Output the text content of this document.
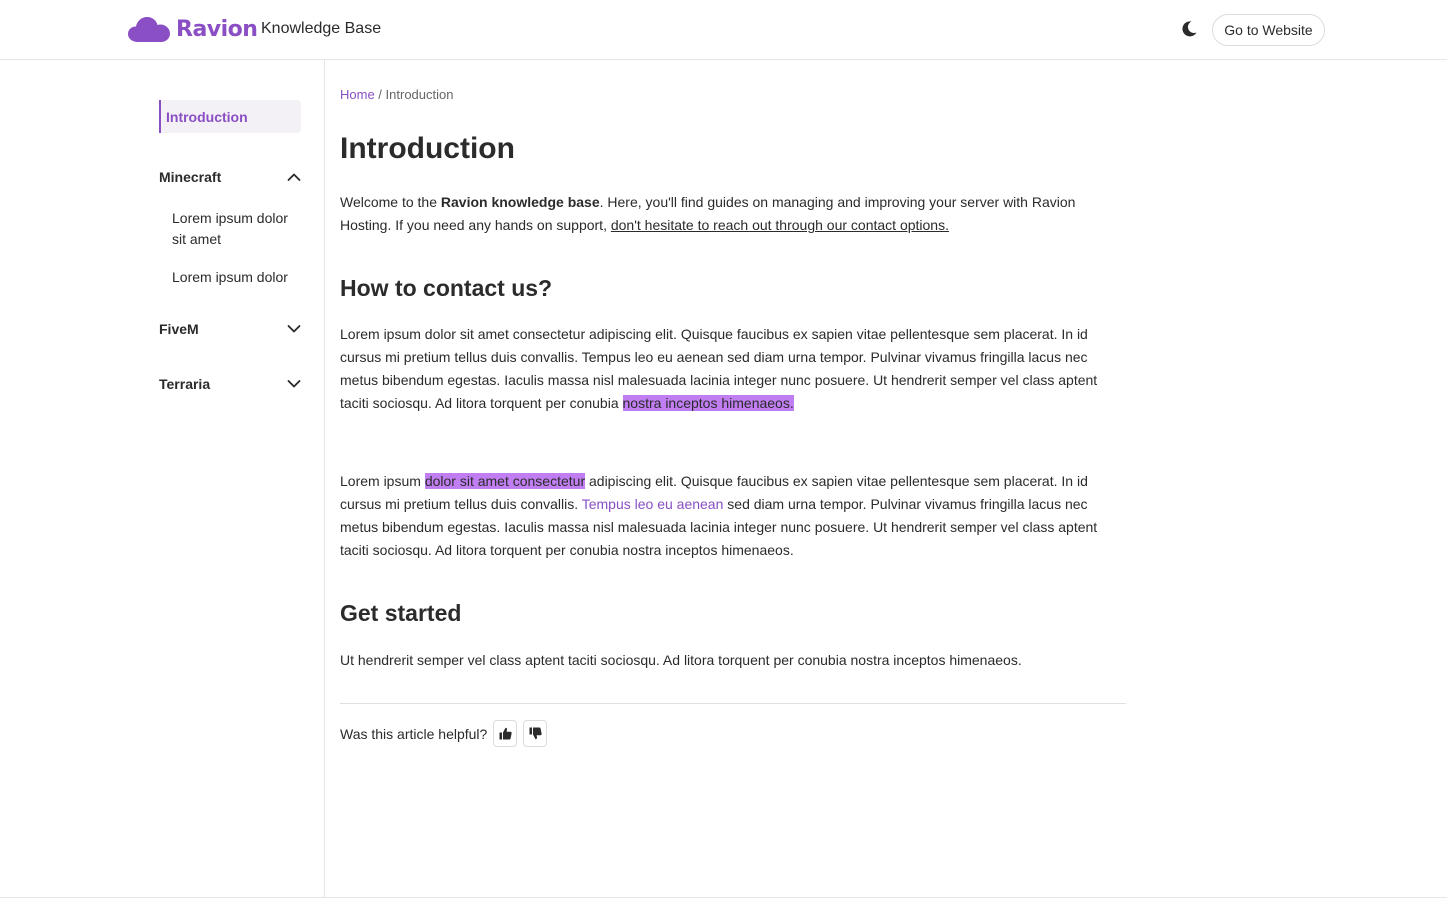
Ravion Knowledge Base	Go to Website
Introduction
Minecraft
Lorem ipsum dolor sit amet
Lorem ipsum dolor
FiveM
Terraria
Home / Introduction
Introduction

Welcome to the Ravion knowledge base. Here, you'll find guides on managing and improving your server with Ravion Hosting. If you need any hands on support, don't hesitate to reach out through our contact options.

How to contact us?

Lorem ipsum dolor sit amet consectetur adipiscing elit. Quisque faucibus ex sapien vitae pellentesque sem placerat. In id cursus mi pretium tellus duis convallis. Tempus leo eu aenean sed diam urna tempor. Pulvinar vivamus fringilla lacus nec metus bibendum egestas. Iaculis massa nisl malesuada lacinia integer nunc posuere. Ut hendrerit semper vel class aptent taciti sociosqu. Ad litora torquent per conubia nostra inceptos himenaeos.

Lorem ipsum dolor sit amet consectetur adipiscing elit. Quisque faucibus ex sapien vitae pellentesque sem placerat. In id cursus mi pretium tellus duis convallis. Tempus leo eu aenean sed diam urna tempor. Pulvinar vivamus fringilla lacus nec metus bibendum egestas. Iaculis massa nisl malesuada lacinia integer nunc posuere. Ut hendrerit semper vel class aptent taciti sociosqu. Ad litora torquent per conubia nostra inceptos himenaeos.

Get started

Ut hendrerit semper vel class aptent taciti sociosqu. Ad litora torquent per conubia nostra inceptos himenaeos.

Was this article helpful?
